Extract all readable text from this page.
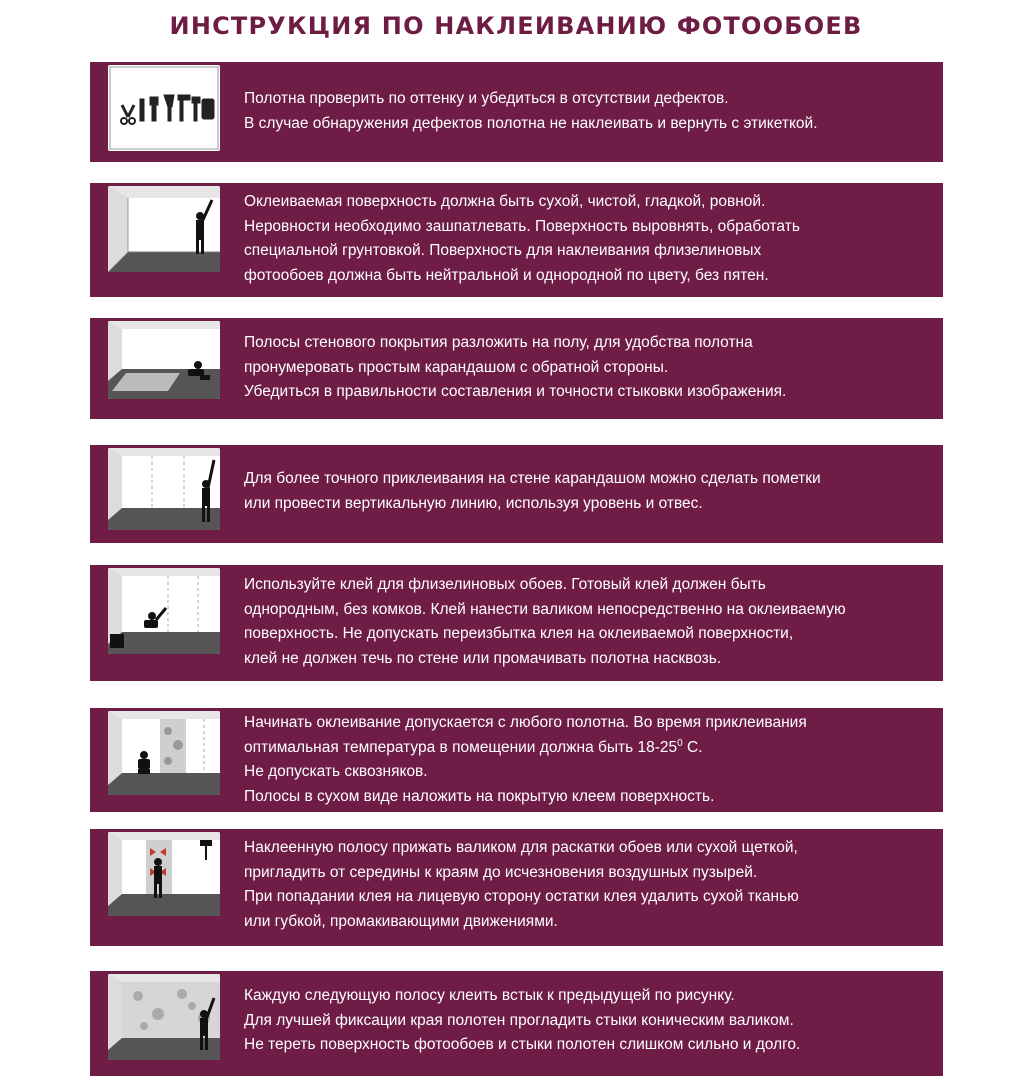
ИНСТРУКЦИЯ ПО НАКЛЕИВАНИЮ ФОТООБОЕВ
Полотна проверить по оттенку и убедиться в отсутствии дефектов.
В случае обнаружения дефектов полотна не наклеивать и вернуть с этикеткой.
Оклеиваемая поверхность должна быть сухой, чистой, гладкой, ровной.
Неровности необходимо зашпатлевать. Поверхность выровнять, обработать
специальной грунтовкой. Поверхность для наклеивания флизелиновых
фотообоев должна быть нейтральной и однородной по цвету, без пятен.
Полосы стенового покрытия разложить на полу, для удобства полотна
пронумеровать простым карандашом с обратной стороны.
Убедиться в правильности составления и точности стыковки изображения.
Для более точного приклеивания на стене карандашом можно сделать пометки
или провести вертикальную линию, используя уровень и отвес.
Используйте клей для флизелиновых обоев. Готовый клей должен быть
однородным, без комков. Клей нанести валиком непосредственно на оклеиваемую
поверхность. Не допускать переизбытка клея на оклеиваемой поверхности,
клей не должен течь по стене или промачивать полотна насквозь.
Начинать оклеивание допускается с любого полотна. Во время приклеивания
оптимальная температура в помещении должна быть $18-25^0$ С.
Не допускать сквозняков.
Полосы в сухом виде наложить на покрытую клеем поверхность.
Наклеенную полосу прижать валиком для раскатки обоев или сухой щеткой,
пригладить от середины к краям до исчезновения воздушных пузырей.
При попадании клея на лицевую сторону остатки клея удалить сухой тканью
или губкой, промакивающими движениями.
Каждую следующую полосу клеить встык к предыдущей по рисунку.
Для лучшей фиксации края полотен прогладить стыки коническим валиком.
Не тереть поверхность фотообоев и стыки полотен слишком сильно и долго.
